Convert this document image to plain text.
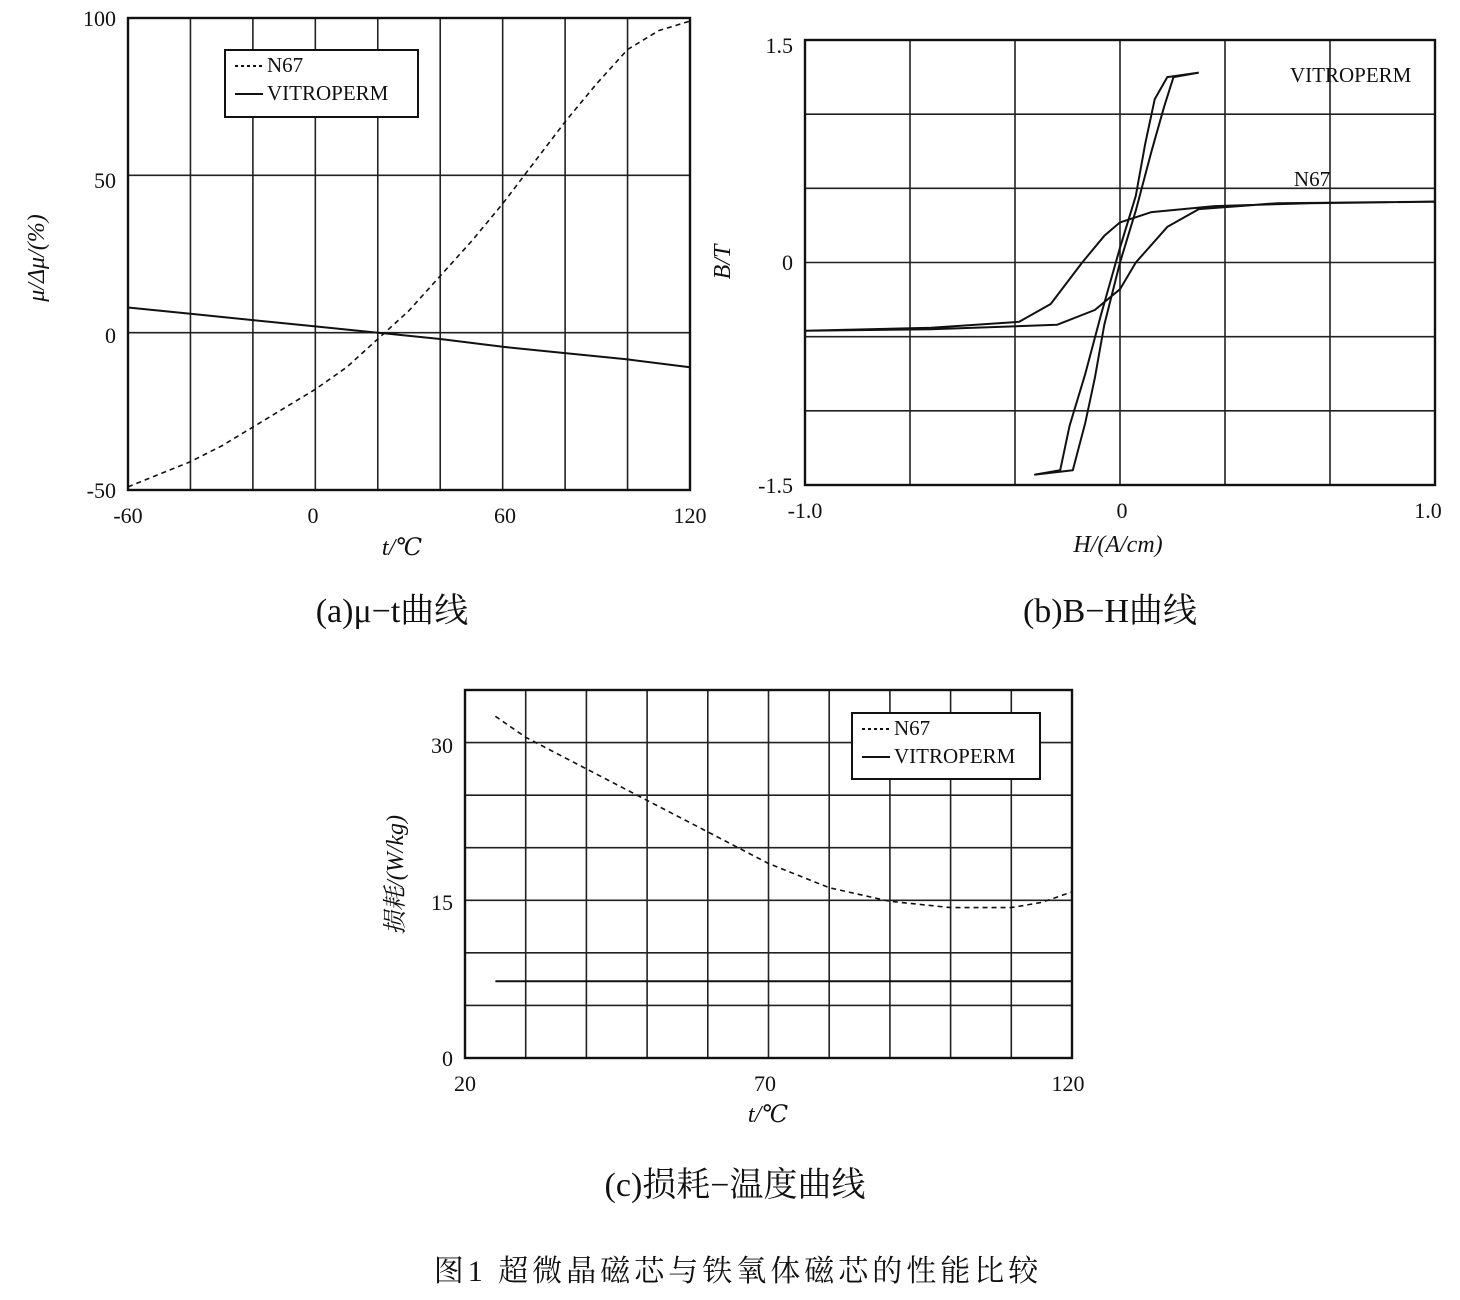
(a)μ−t曲线
-60	0	60	120
-50
0
50
100
t/℃
μ/Δμ/(%)
N67
VITROPERM
(b)B−H曲线
-1.0	0	1.0
-1.5
0
1.5
H/(A/cm)
B/T
VITROPERM
N67
(c)损耗−温度曲线
20	70	120
0
15
30
t/℃
损耗/(W/kg)
N67
VITROPERM
图1 超微晶磁芯与铁氧体磁芯的性能比较
